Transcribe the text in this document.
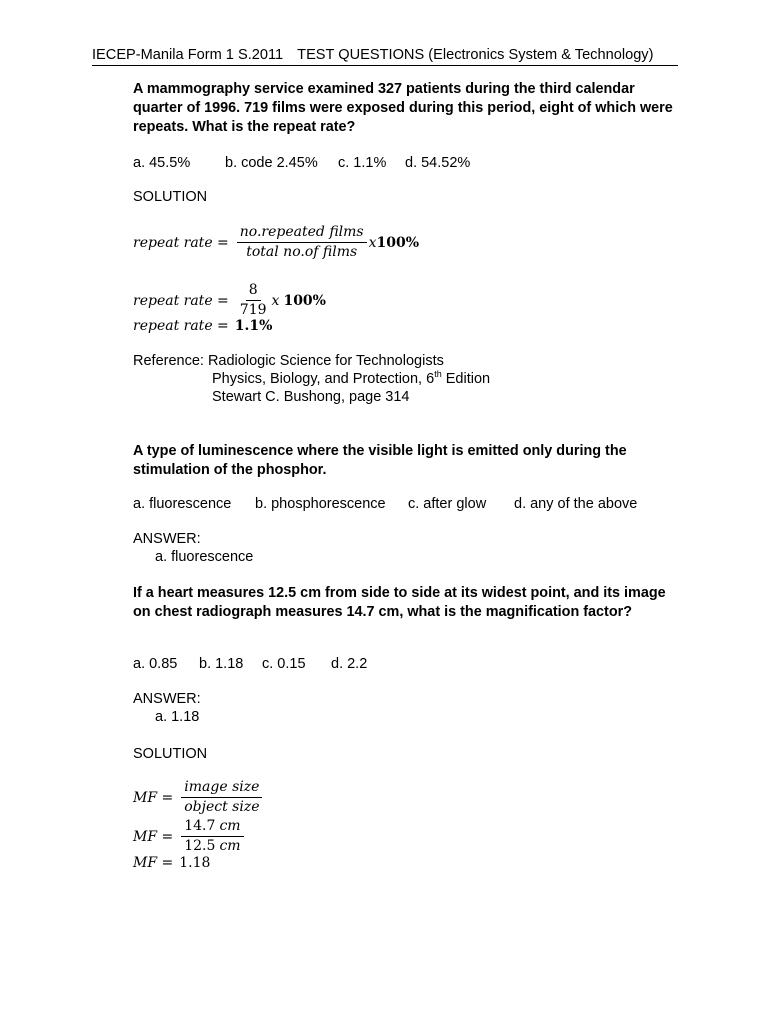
IECEP-Manila Form 1 S.2011 TEST QUESTIONS (Electronics System & Technology)
A mammography service examined 327 patients during the third calendar quarter of 1996. 719 films were exposed during this period, eight of which were repeats. What is the repeat rate?
a. 45.5% b. code 2.45% c. 1.1% d. 54.52%
SOLUTION
repeat rate = $\frac{\text{no.repeated films}}{\text{total no.of films}}$ x 100%
repeat rate = $\frac{8}{719}$ x
100%
repeat rate = 1.1%
Reference: Radiologic Science for Technologists
Physics, Biology, and Protection, 6th Edition
Stewart C. Bushong, page 314
A type of luminescence where the visible light is emitted only during the stimulation of the phosphor.
a. fluorescence b. phosphorescence c. after glow d. any of the above
ANSWER:
a. fluorescence
If a heart measures 12.5 cm from side to side at its widest point, and its image on chest radiograph measures 14.7 cm, what is the magnification factor?
a. 0.85 b. 1.18 c. 0.15 d. 2.2
ANSWER:
a. 1.18
SOLUTION
MF = $\frac{\text{image size}}{\text{object size}}$
MF = $\frac{14.7 cm}{12.5 cm}$
MF = 1.18
